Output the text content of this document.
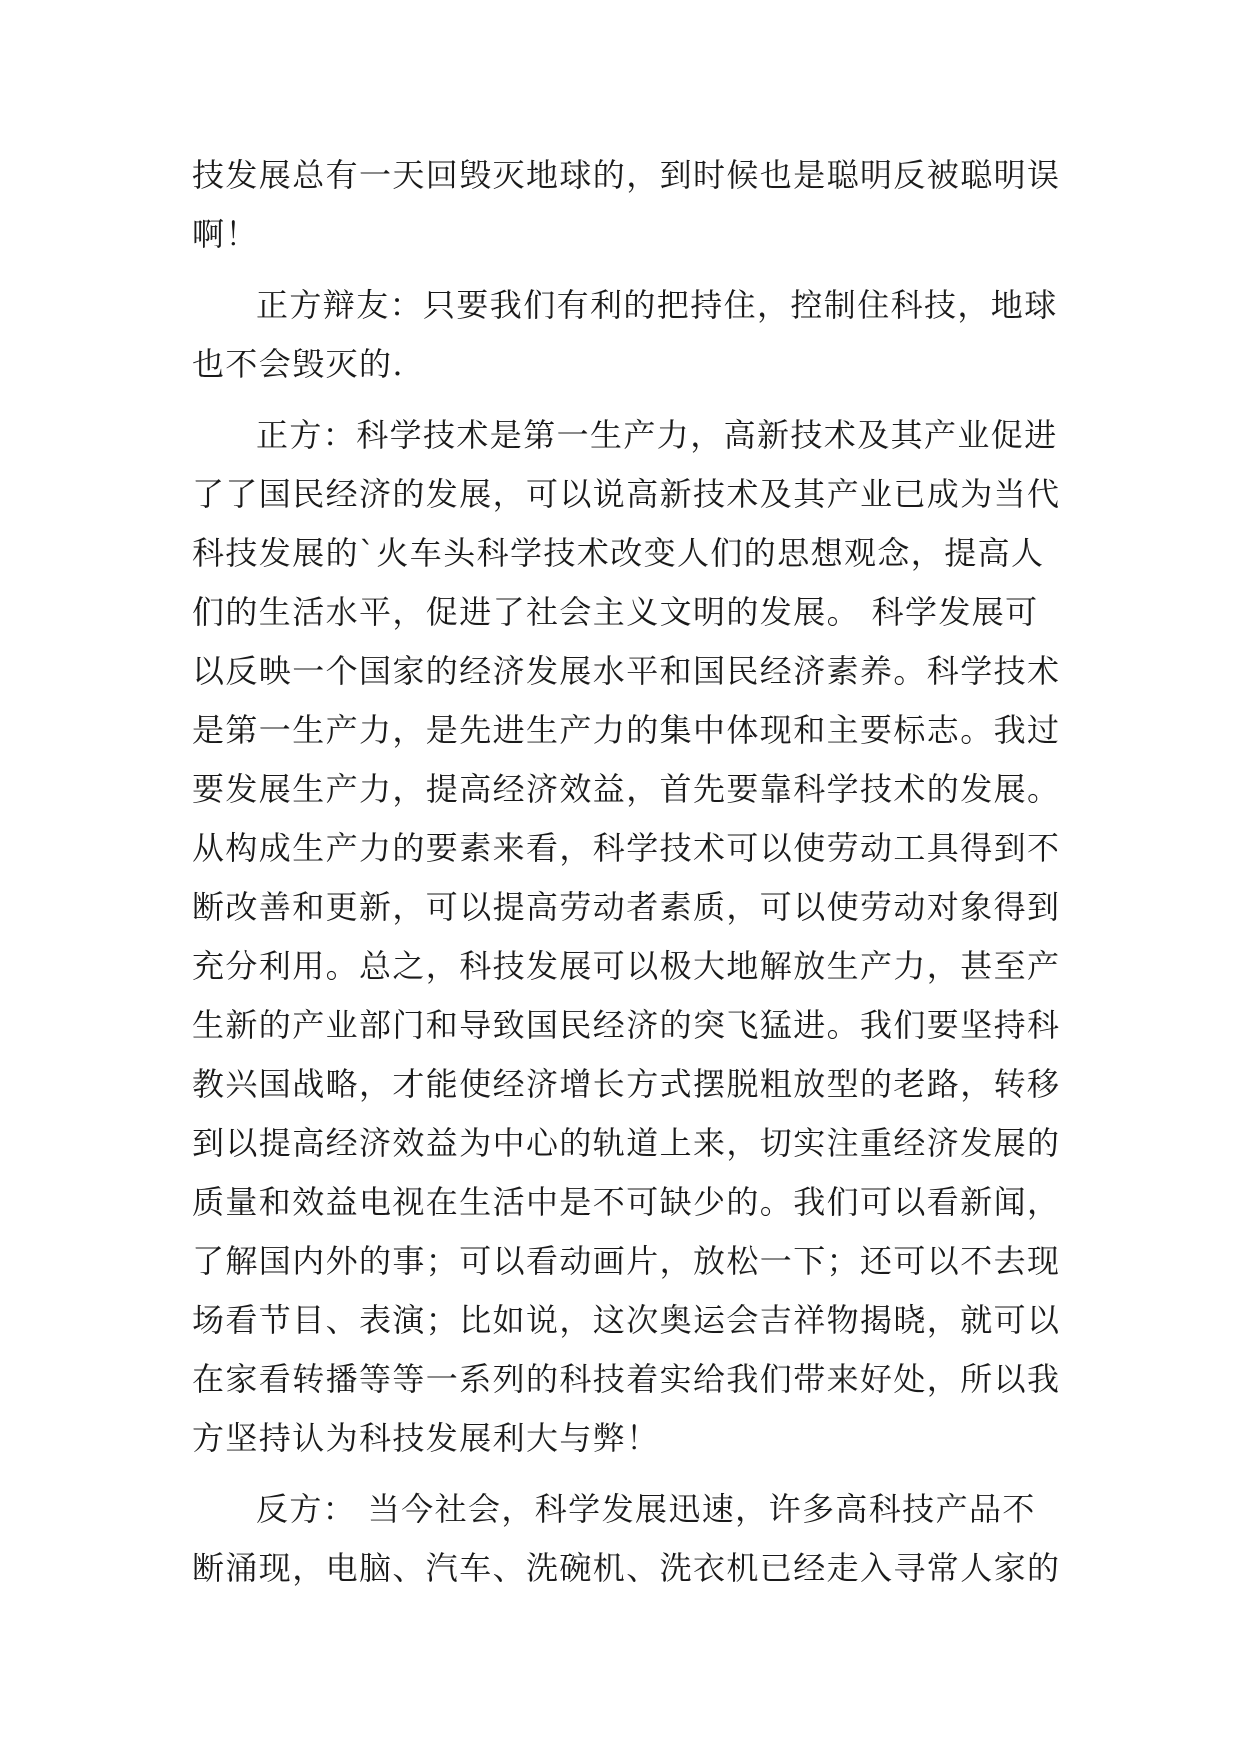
技发展总有一天回毁灭地球的，到时候也是聪明反被聪明误
啊！
正方辩友：只要我们有利的把持住，控制住科技，地球
也不会毁灭的.
正方：科学技术是第一生产力，高新技术及其产业促进
了了国民经济的发展，可以说高新技术及其产业已成为当代
科技发展的`火车头科学技术改变人们的思想观念，提高人
们的生活水平，促进了社会主义文明的发展。 科学发展可
以反映一个国家的经济发展水平和国民经济素养。科学技术
是第一生产力，是先进生产力的集中体现和主要标志。我过
要发展生产力，提高经济效益，首先要靠科学技术的发展。
从构成生产力的要素来看，科学技术可以使劳动工具得到不
断改善和更新，可以提高劳动者素质，可以使劳动对象得到
充分利用。总之，科技发展可以极大地解放生产力，甚至产
生新的产业部门和导致国民经济的突飞猛进。我们要坚持科
教兴国战略，才能使经济增长方式摆脱粗放型的老路，转移
到以提高经济效益为中心的轨道上来，切实注重经济发展的
质量和效益电视在生活中是不可缺少的。我们可以看新闻，
了解国内外的事；可以看动画片，放松一下；还可以不去现
场看节目、表演；比如说，这次奥运会吉祥物揭晓，就可以
在家看转播等等一系列的科技着实给我们带来好处，所以我
方坚持认为科技发展利大与弊！
反方： 当今社会，科学发展迅速，许多高科技产品不
断涌现，电脑、汽车、洗碗机、洗衣机已经走入寻常人家的
